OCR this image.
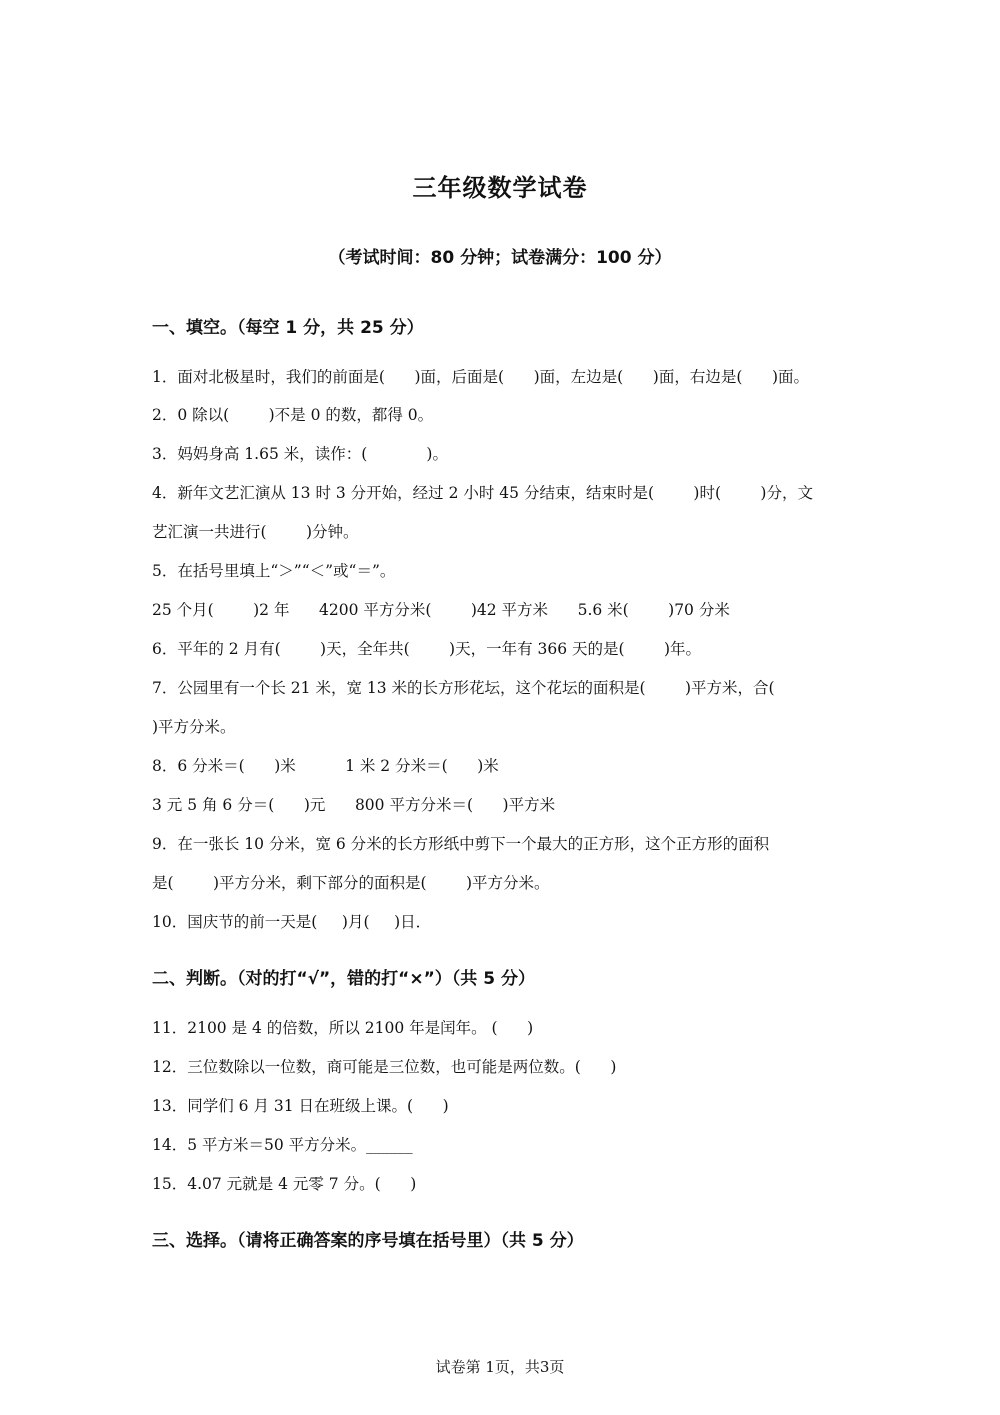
三年级数学试卷
（考试时间：80 分钟；试卷满分：100 分）
一、填空。（每空 1 分，共 25 分）
1．面对北极星时，我们的前面是(      )面，后面是(      )面，左边是(      )面，右边是(      )面。
2．0 除以(        )不是 0 的数，都得 0。
3．妈妈身高 1.65 米，读作：(            )。
4．新年文艺汇演从 13 时 3 分开始，经过 2 小时 45 分结束，结束时是(        )时(        )分，文
艺汇演一共进行(        )分钟。
5．在括号里填上“＞”“＜”或“＝”。
25 个月(        )2 年      4200 平方分米(        )42 平方米      5.6 米(        )70 分米
6．平年的 2 月有(        )天，全年共(        )天，一年有 366 天的是(        )年。
7．公园里有一个长 21 米，宽 13 米的长方形花坛，这个花坛的面积是(        )平方米，合(
)平方分米。
8．6 分米＝(      )米          1 米 2 分米＝(      )米
3 元 5 角 6 分＝(      )元      800 平方分米＝(      )平方米
9．在一张长 10 分米，宽 6 分米的长方形纸中剪下一个最大的正方形，这个正方形的面积
是(        )平方分米，剩下部分的面积是(        )平方分米。
10．国庆节的前一天是(     )月(     )日．
二、判断。（对的打“√”，错的打“×”）（共 5 分）
11．2100 是 4 的倍数，所以 2100 年是闰年。 (      )
12．三位数除以一位数，商可能是三位数，也可能是两位数。(      )
13．同学们 6 月 31 日在班级上课。(      )
14．5 平方米＝50 平方分米。______
15．4.07 元就是 4 元零 7 分。(      )
三、选择。（请将正确答案的序号填在括号里）（共 5 分）
试卷第 1页，共3页
